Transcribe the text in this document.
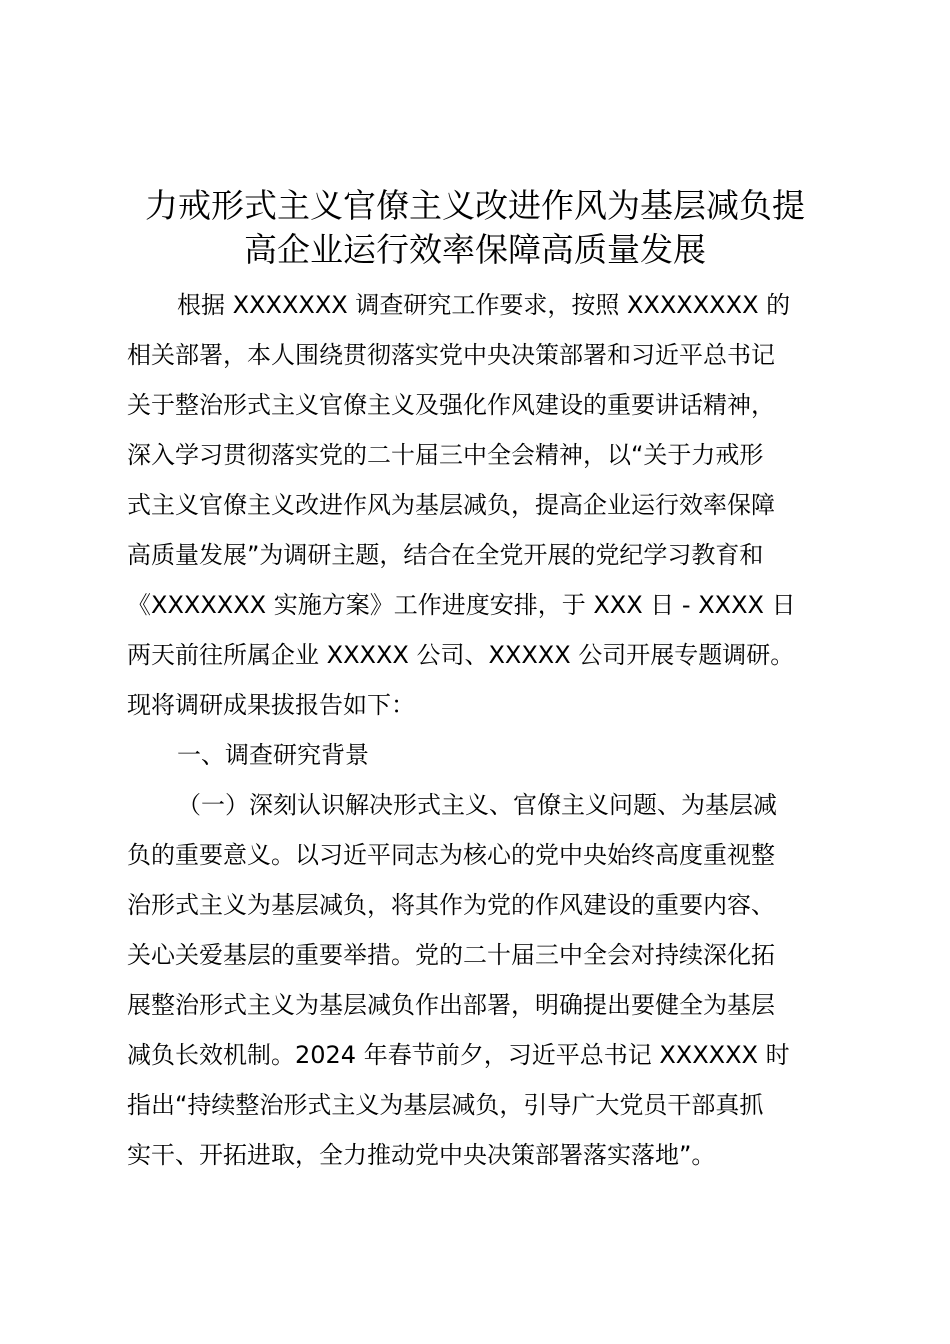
力戒形式主义官僚主义改进作风为基层减负提
高企业运行效率保障高质量发展
根据 XXXXXXX 调查研究工作要求，按照 XXXXXXXX 的
相关部署，本人围绕贯彻落实党中央决策部署和习近平总书记
关于整治形式主义官僚主义及强化作风建设的重要讲话精神，
深入学习贯彻落实党的二十届三中全会精神，以“关于力戒形
式主义官僚主义改进作风为基层减负，提高企业运行效率保障
高质量发展”为调研主题，结合在全党开展的党纪学习教育和
《XXXXXXX 实施方案》工作进度安排，于 XXX 日 - XXXX 日
两天前往所属企业 XXXXX 公司、XXXXX 公司开展专题调研。
现将调研成果拔报告如下：
一、调查研究背景
（一）深刻认识解决形式主义、官僚主义问题、为基层减
负的重要意义。以习近平同志为核心的党中央始终高度重视整
治形式主义为基层减负，将其作为党的作风建设的重要内容、
关心关爱基层的重要举措。党的二十届三中全会对持续深化拓
展整治形式主义为基层减负作出部署，明确提出要健全为基层
减负长效机制。2024 年春节前夕，习近平总书记 XXXXXX 时
指出“持续整治形式主义为基层减负，引导广大党员干部真抓
实干、开拓进取，全力推动党中央决策部署落实落地”。
